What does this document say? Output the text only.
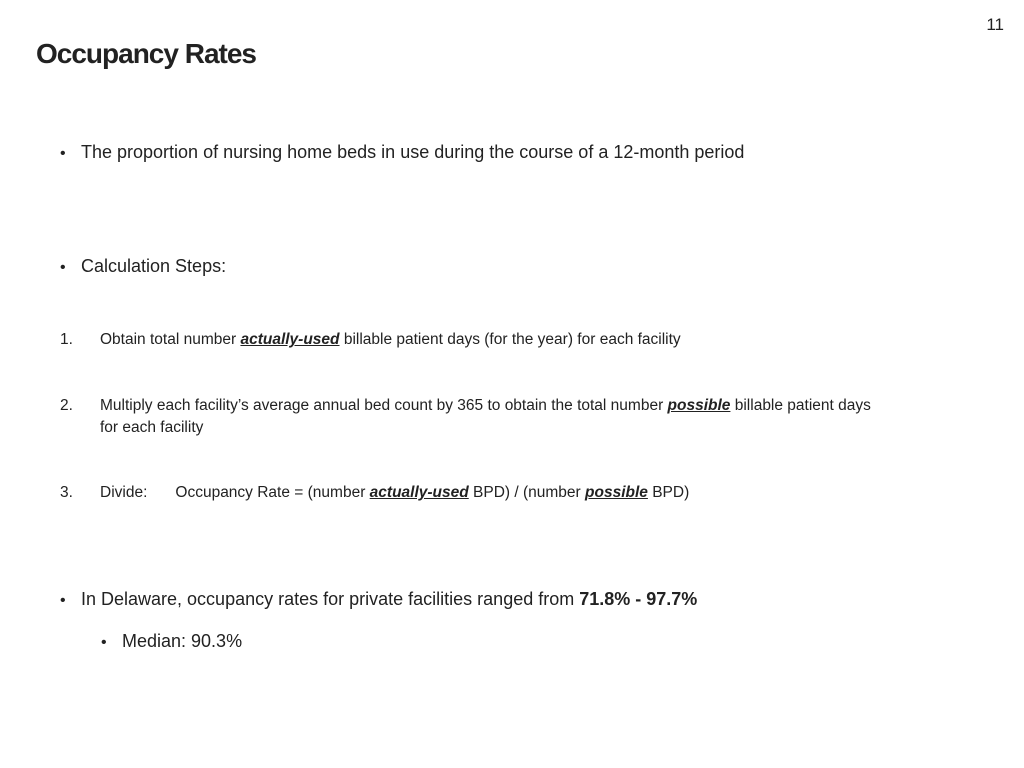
11
Occupancy Rates
• The proportion of nursing home beds in use during the course of a 12-month period
• Calculation Steps:
1.	Obtain total number actually-used billable patient days (for the year) for each facility
2.	Multiply each facility’s average annual bed count by 365 to obtain the total number possible billable patient days for each facility
3.	Divide: Occupancy Rate = (number actually-used BPD) / (number possible BPD)
• In Delaware, occupancy rates for private facilities ranged from 71.8% - 97.7%
• Median: 90.3%
